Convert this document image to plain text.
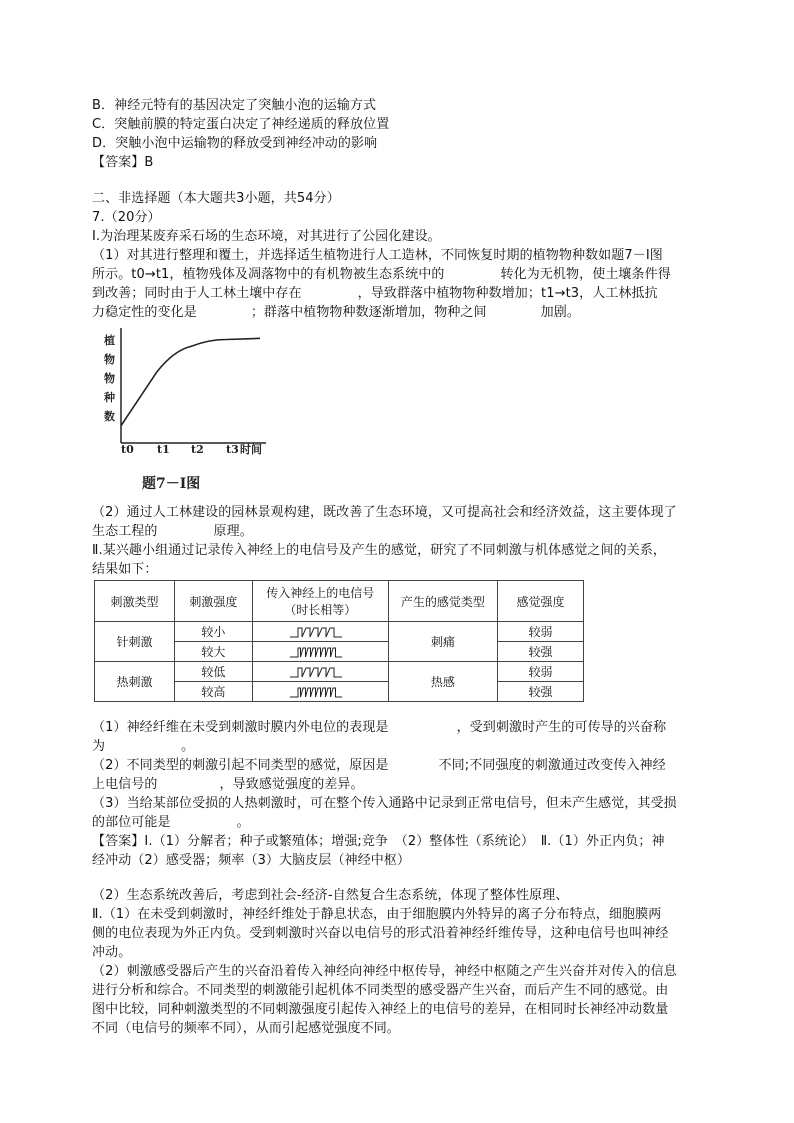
B．神经元特有的基因决定了突触小泡的运输方式
C．突触前膜的特定蛋白决定了神经递质的释放位置
D．突触小泡中运输物的释放受到神经冲动的影响
【答案】B
二、非选择题（本大题共3小题，共54分）
7.（20分）
Ⅰ.为治理某废弃采石场的生态环境，对其进行了公园化建设。
（1）对其进行整理和覆土，并选择适生植物进行人工造林，不同恢复时期的植物物种数如题7－Ⅰ图
所示。t0→t1，植物残体及凋落物中的有机物被生态系统中的	转化为无机物，使土壤条件得
到改善；同时由于人工林土壤中存在	，导致群落中植物物种数增加；t1→t3，人工林抵抗
力稳定性的变化是	；群落中植物物种数逐渐增加，物种之间	加剧。
植
物
物
种
数
t0 t1 t2 t3 时间
题7－Ⅰ图
（2）通过人工林建设的园林景观构建，既改善了生态环境，又可提高社会和经济效益，这主要体现了
生态工程的	原理。
Ⅱ.某兴趣小组通过记录传入神经上的电信号及产生的感觉，研究了不同刺激与机体感觉之间的关系，
结果如下：
刺激类型	刺激强度	传入神经上的电信号
（时长相等）	产生的感觉类型	感觉强度
针刺激	较小		刺痛	较弱
	较大			较强
热刺激	较低		热感	较弱
	较高			较强
（1）神经纤维在未受到刺激时膜内外电位的表现是	，受到刺激时产生的可传导的兴奋称
为	。
（2）不同类型的刺激引起不同类型的感觉，原因是	不同;不同强度的刺激通过改变传入神经
上电信号的	，导致感觉强度的差异。
（3）当给某部位受损的人热刺激时，可在整个传入通路中记录到正常电信号，但未产生感觉，其受损
的部位可能是	。
【答案】Ⅰ.（1）分解者；种子或繁殖体；增强;竞争　（2）整体性（系统论）　Ⅱ.（1）外正内负；神
经冲动（2）感受器；频率（3）大脑皮层（神经中枢）
（2）生态系统改善后，考虑到社会-经济-自然复合生态系统，体现了整体性原理、
Ⅱ.（1）在未受到刺激时，神经纤维处于静息状态，由于细胞膜内外特异的离子分布特点，细胞膜两
侧的电位表现为外正内负。受到刺激时兴奋以电信号的形式沿着神经纤维传导，这种电信号也叫神经
冲动。
（2）刺激感受器后产生的兴奋沿着传入神经向神经中枢传导，神经中枢随之产生兴奋并对传入的信息
进行分析和综合。不同类型的刺激能引起机体不同类型的感受器产生兴奋，而后产生不同的感觉。由
图中比较，同种刺激类型的不同刺激强度引起传入神经上的电信号的差异，在相同时长神经冲动数量
不同（电信号的频率不同），从而引起感觉强度不同。
